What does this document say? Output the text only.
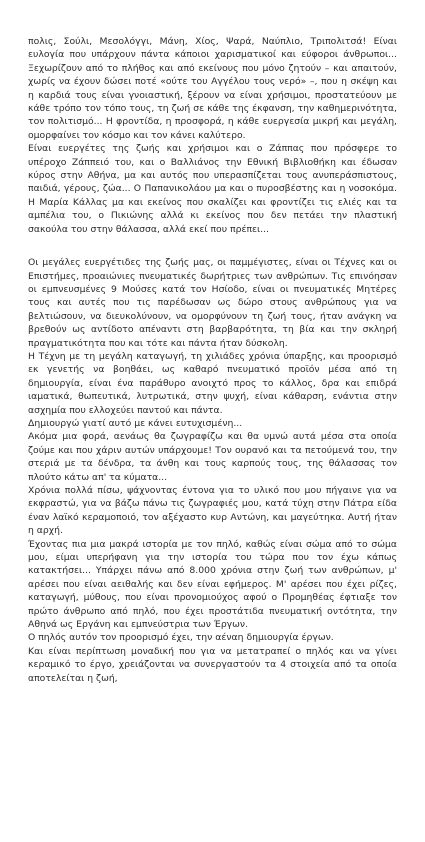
πολις, Σούλι, Μεσολόγγι, Μάνη, Χίος, Ψαρά, Ναύπλιο, Τριπολιτσά! Είναι ευλογία που υπάρχουν πάντα κάποιοι χαρισματικοί και εύφοροι άνθρωποι... Ξεχωρίζουν από το πλήθος και από εκείνους που μόνο ζητούν – και απαιτούν, χωρίς να έχουν δώσει ποτέ «ούτε του Αγγέλου τους νερό» –, που η σκέψη και η καρδιά τους είναι γνοιαστική, ξέρουν να είναι χρήσιμοι, προστατεύουν με κάθε τρόπο τον τόπο τους, τη ζωή σε κάθε της έκφανση, την καθημερινότητα, τον πολιτισμό... Η φροντίδα, η προσφορά, η κάθε ευεργεσία μικρή και μεγάλη, ομορφαίνει τον κόσμο και τον κάνει καλύτερο.

Είναι ευεργέτες της ζωής και χρήσιμοι και ο Ζάππας που πρόσφερε το υπέροχο Ζάππειό του, και ο Βαλλιάνος την Εθνική Βιβλιοθήκη και έδωσαν κύρος στην Αθήνα, μα και αυτός που υπερασπίζεται τους ανυπεράσπιστους, παιδιά, γέρους, ζώα... Ο Παπανικολάου μα και ο πυροσβέστης και η νοσοκόμα. Η Μαρία Κάλλας μα και εκείνος που σκαλίζει και φροντίζει τις ελιές και τα αμπέλια του, ο Πικιώνης αλλά κι εκείνος που δεν πετάει την πλαστική σακούλα του στην θάλασσα, αλλά εκεί που πρέπει...

Οι μεγάλες ευεργέτιδες της ζωής μας, οι παμμέγιστες, είναι οι Τέχνες και οι Επιστήμες, προαιώνιες πνευματικές δωρήτριες των ανθρώπων. Τις επινόησαν οι εμπνευσμένες 9 Μούσες κατά τον Ησίοδο, είναι οι πνευματικές Μητέρες τους και αυτές που τις παρέδωσαν ως δώρο στους ανθρώπους για να βελτιώσουν, να διευκολύνουν, να ομορφύνουν τη ζωή τους, ήταν ανάγκη να βρεθούν ως αντίδοτο απέναντι στη βαρβαρότητα, τη βία και την σκληρή πραγματικότητα που και τότε και πάντα ήταν δύσκολη.

Η Τέχνη με τη μεγάλη καταγωγή, τη χιλιάδες χρόνια ύπαρξης, και προορισμό εκ γενετής να βοηθάει, ως καθαρό πνευματικό προϊόν μέσα από τη δημιουργία, είναι ένα παράθυρο ανοιχτό προς το κάλλος, δρα και επιδρά ιαματικά, θωπευτικά, λυτρωτικά, στην ψυχή, είναι κάθαρση, ενάντια στην ασχημία που ελλοχεύει παντού και πάντα.

Δημιουργώ γιατί αυτό με κάνει ευτυχισμένη...

Ακόμα μια φορά, αενάως θα ζωγραφίζω και θα υμνώ αυτά μέσα στα οποία ζούμε και που χάριν αυτών υπάρχουμε! Τον ουρανό και τα πετούμενά του, την στεριά με τα δένδρα, τα άνθη και τους καρπούς τους, της θάλασσας τον πλούτο κάτω απ' τα κύματα...

Χρόνια πολλά πίσω, ψάχνοντας έντονα για το υλικό που μου πήγαινε για να εκφραστώ, για να βάζω πάνω τις ζωγραφιές μου, κατά τύχη στην Πάτρα είδα έναν λαϊκό κεραμοποιό, τον αξέχαστο κυρ Αντώνη, και μαγεύτηκα. Αυτή ήταν η αρχή.

Έχοντας πια μια μακρά ιστορία με τον πηλό, καθώς είναι σώμα από το σώμα μου, είμαι υπερήφανη για την ιστορία του τώρα που τον έχω κάπως κατακτήσει... Υπάρχει πάνω από 8.000 χρόνια στην ζωή των ανθρώπων, μ' αρέσει που είναι αειθαλής και δεν είναι εφήμερος. Μ' αρέσει που έχει ρίζες, καταγωγή, μύθους, που είναι προνομιούχος αφού ο Προμηθέας έφτιαξε τον πρώτο άνθρωπο από πηλό, που έχει προστάτιδα πνευματική οντότητα, την Αθηνά ως Εργάνη και εμπνεύστρια των Έργων.

Ο πηλός αυτόν τον προορισμό έχει, την αέναη δημιουργία έργων.

Και είναι περίπτωση μοναδική που για να μετατραπεί ο πηλός και να γίνει κεραμικό το έργο, χρειάζονται να συνεργαστούν τα 4 στοιχεία από τα οποία αποτελείται η ζωή,
